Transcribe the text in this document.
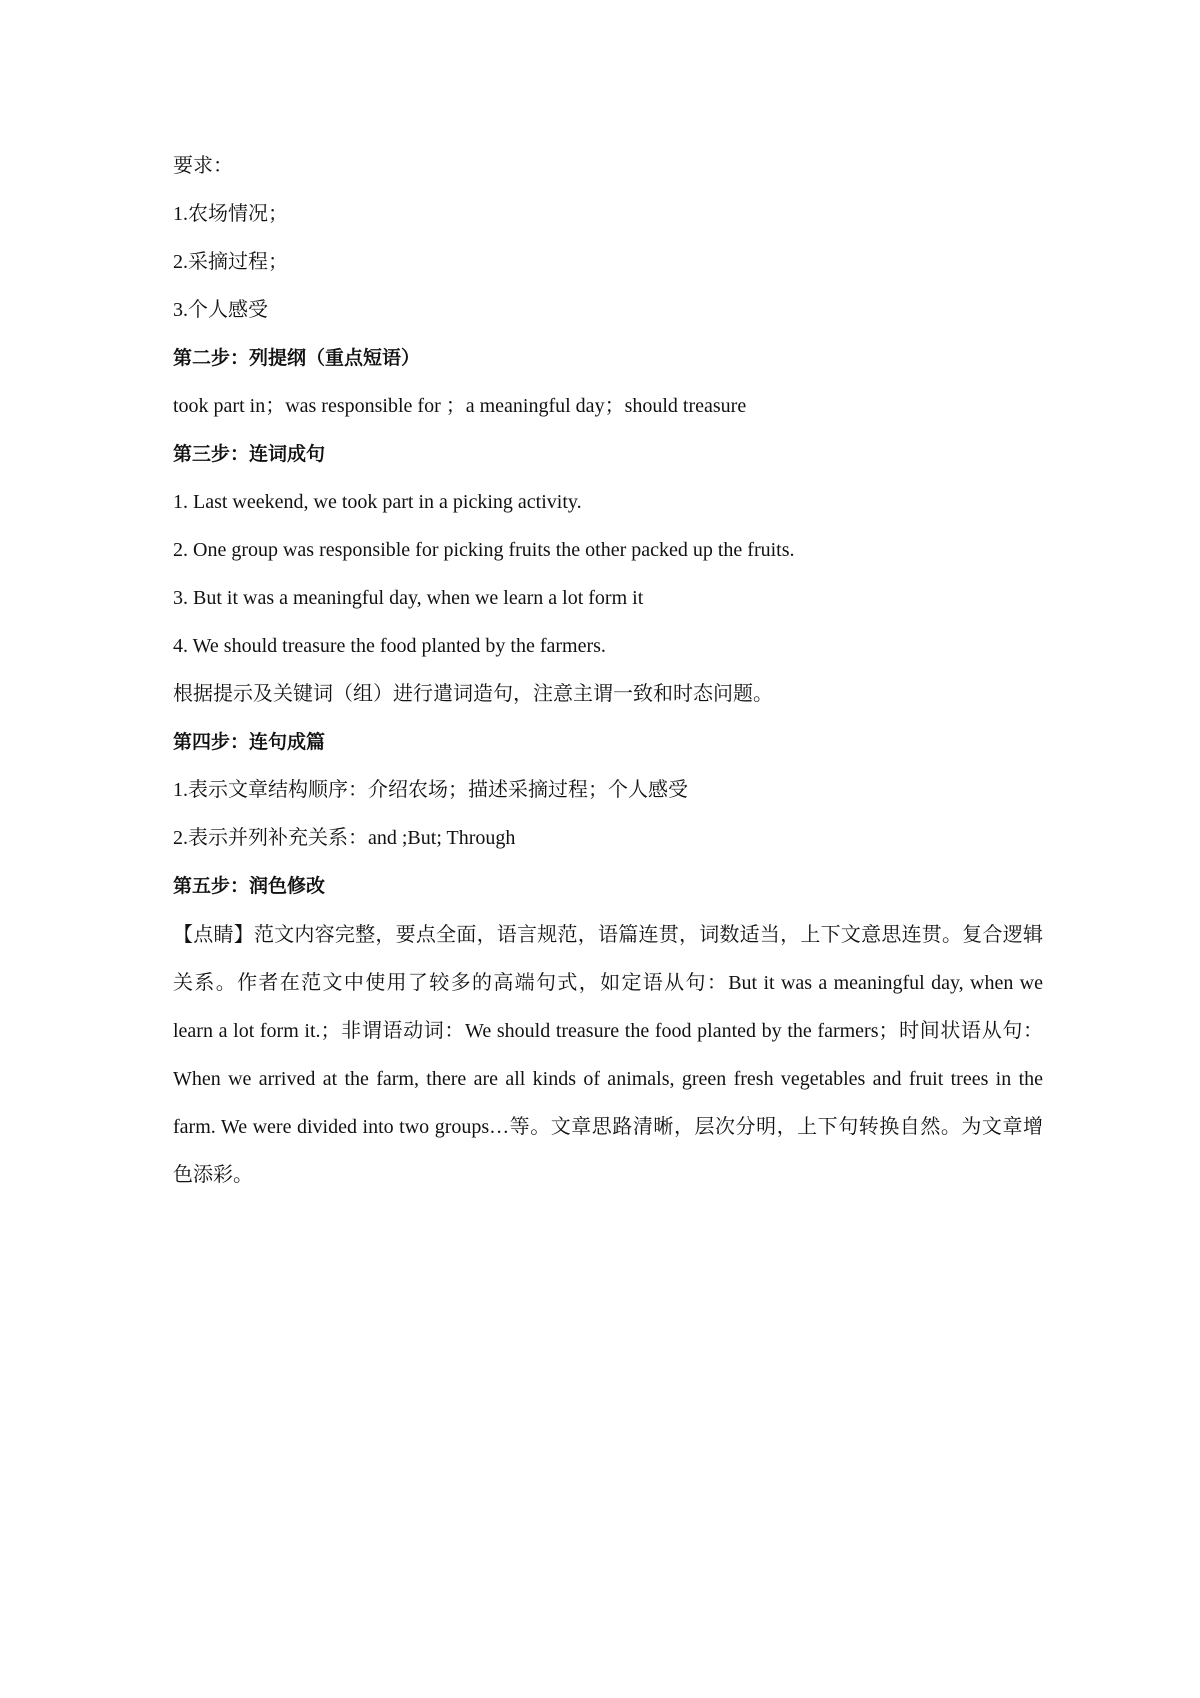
要求：
1.农场情况；
2.采摘过程；
3.个人感受
第二步：列提纲（重点短语）
took part in；was responsible for ；a meaningful day；should treasure
第三步：连词成句
1. Last weekend, we took part in a picking activity.
2. One group was responsible for picking fruits the other packed up the fruits.
3. But it was a meaningful day, when we learn a lot form it
4. We should treasure the food planted by the farmers.
根据提示及关键词（组）进行遣词造句，注意主谓一致和时态问题。
第四步：连句成篇
1.表示文章结构顺序：介绍农场；描述采摘过程；个人感受
2.表示并列补充关系：and ;But; Through
第五步：润色修改
【点睛】范文内容完整，要点全面，语言规范，语篇连贯，词数适当，上下文意思连贯。复合逻辑关系。作者在范文中使用了较多的高端句式，如定语从句：But it was a meaningful day, when we learn a lot form it.；非谓语动词：We should treasure the food planted by the farmers；时间状语从句：When we arrived at the farm, there are all kinds of animals, green fresh vegetables and fruit trees in the farm. We were divided into two groups…等。文章思路清晰，层次分明，上下句转换自然。为文章增色添彩。
